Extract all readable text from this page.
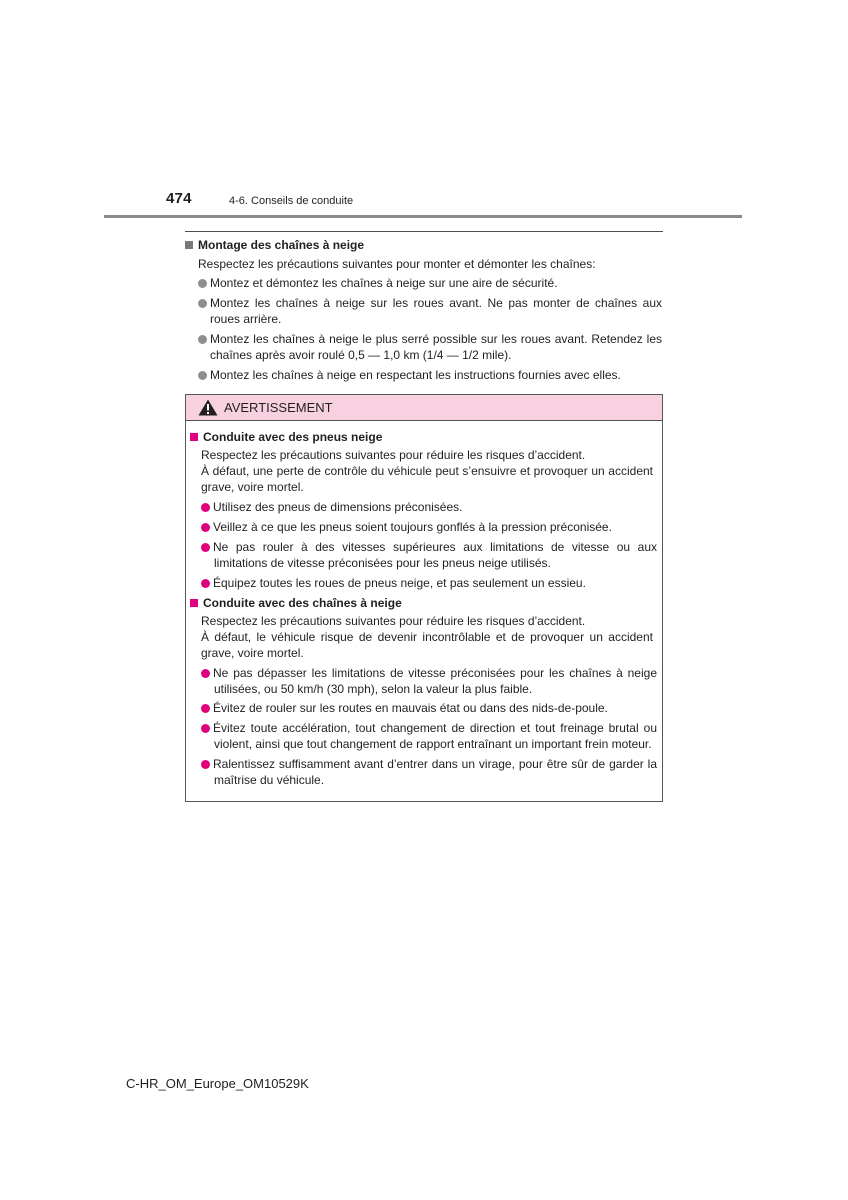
474	4-6. Conseils de conduite
Montage des chaînes à neige
Respectez les précautions suivantes pour monter et démonter les chaînes:
Montez et démontez les chaînes à neige sur une aire de sécurité.
Montez les chaînes à neige sur les roues avant. Ne pas monter de chaînes aux
roues arrière.
Montez les chaînes à neige le plus serré possible sur les roues avant. Retendez les
chaînes après avoir roulé 0,5 — 1,0 km (1/4 — 1/2 mile).
Montez les chaînes à neige en respectant les instructions fournies avec elles.
AVERTISSEMENT
Conduite avec des pneus neige
Respectez les précautions suivantes pour réduire les risques d’accident.
À défaut, une perte de contrôle du véhicule peut s’ensuivre et provoquer un accident
grave, voire mortel.
Utilisez des pneus de dimensions préconisées.
Veillez à ce que les pneus soient toujours gonflés à la pression préconisée.
Ne pas rouler à des vitesses supérieures aux limitations de vitesse ou aux
limitations de vitesse préconisées pour les pneus neige utilisés.
Équipez toutes les roues de pneus neige, et pas seulement un essieu.
Conduite avec des chaînes à neige
Respectez les précautions suivantes pour réduire les risques d’accident.
À défaut, le véhicule risque de devenir incontrôlable et de provoquer un accident
grave, voire mortel.
Ne pas dépasser les limitations de vitesse préconisées pour les chaînes à neige
utilisées, ou 50 km/h (30 mph), selon la valeur la plus faible.
Évitez de rouler sur les routes en mauvais état ou dans des nids-de-poule.
Évitez toute accélération, tout changement de direction et tout freinage brutal ou
violent, ainsi que tout changement de rapport entraînant un important frein moteur.
Ralentissez suffisamment avant d’entrer dans un virage, pour être sûr de garder la
maîtrise du véhicule.
C-HR_OM_Europe_OM10529K
